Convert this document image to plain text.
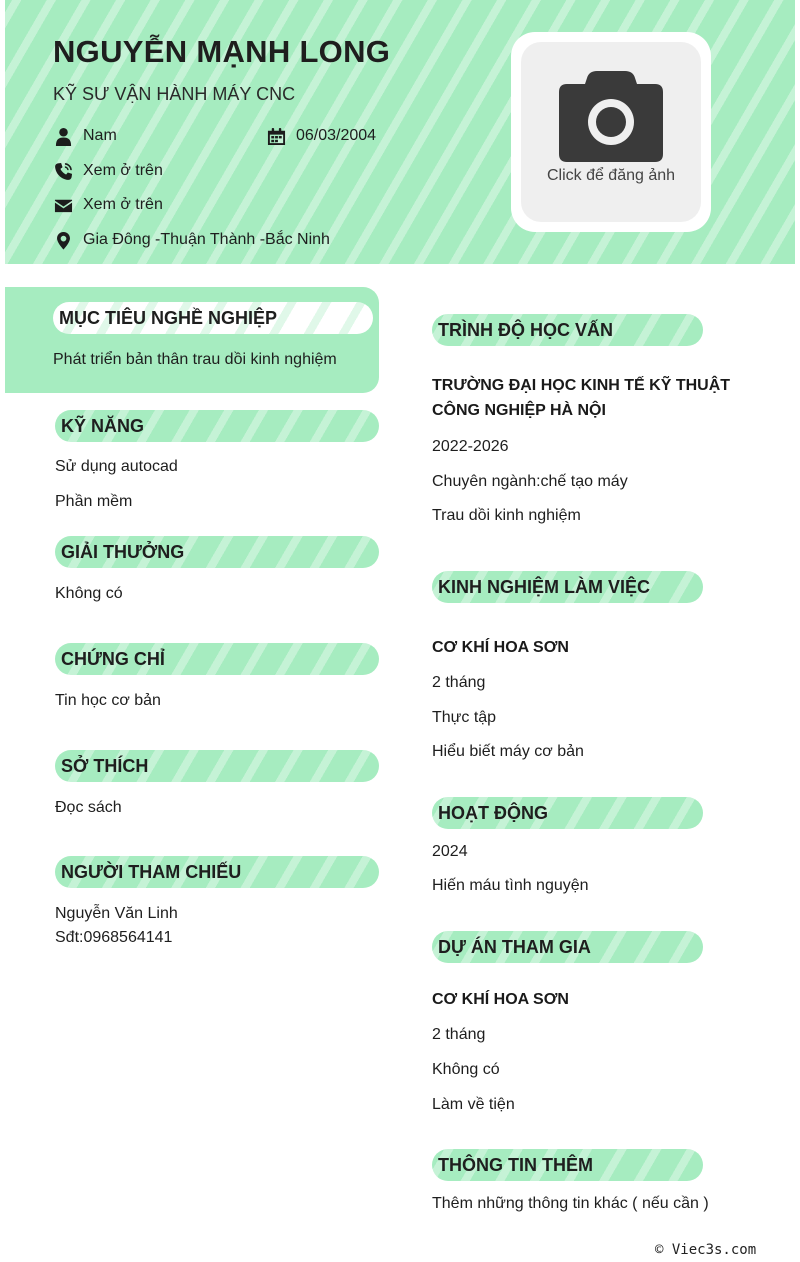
NGUYỄN MẠNH LONG
KỸ SƯ VẬN HÀNH MÁY CNC
Nam	06/03/2004
Xem ở trên
Xem ở trên
Gia Đông -Thuận Thành -Bắc Ninh
Click để đăng ảnh
MỤC TIÊU NGHỀ NGHIỆP
Phát triển bản thân trau dồi kinh nghiệm
KỸ NĂNG
Sử dụng autocad
Phần mềm
GIẢI THƯỞNG
Không có
CHỨNG CHỈ
Tin học cơ bản
SỞ THÍCH
Đọc sách
NGƯỜI THAM CHIẾU
Nguyễn Văn Linh
Sđt:0968564141
TRÌNH ĐỘ HỌC VẤN
TRƯỜNG ĐẠI HỌC KINH TẾ KỸ THUẬT
CÔNG NGHIỆP HÀ NỘI
2022-2026
Chuyên ngành:chế tạo máy
Trau dồi kinh nghiệm
KINH NGHIỆM LÀM VIỆC
CƠ KHÍ HOA SƠN
2 tháng
Thực tập
Hiểu biết máy cơ bản
HOẠT ĐỘNG
2024
Hiến máu tình nguyện
DỰ ÁN THAM GIA
CƠ KHÍ HOA SƠN
2 tháng
Không có
Làm về tiện
THÔNG TIN THÊM
Thêm những thông tin khác ( nếu cần )
© Viec3s.com
